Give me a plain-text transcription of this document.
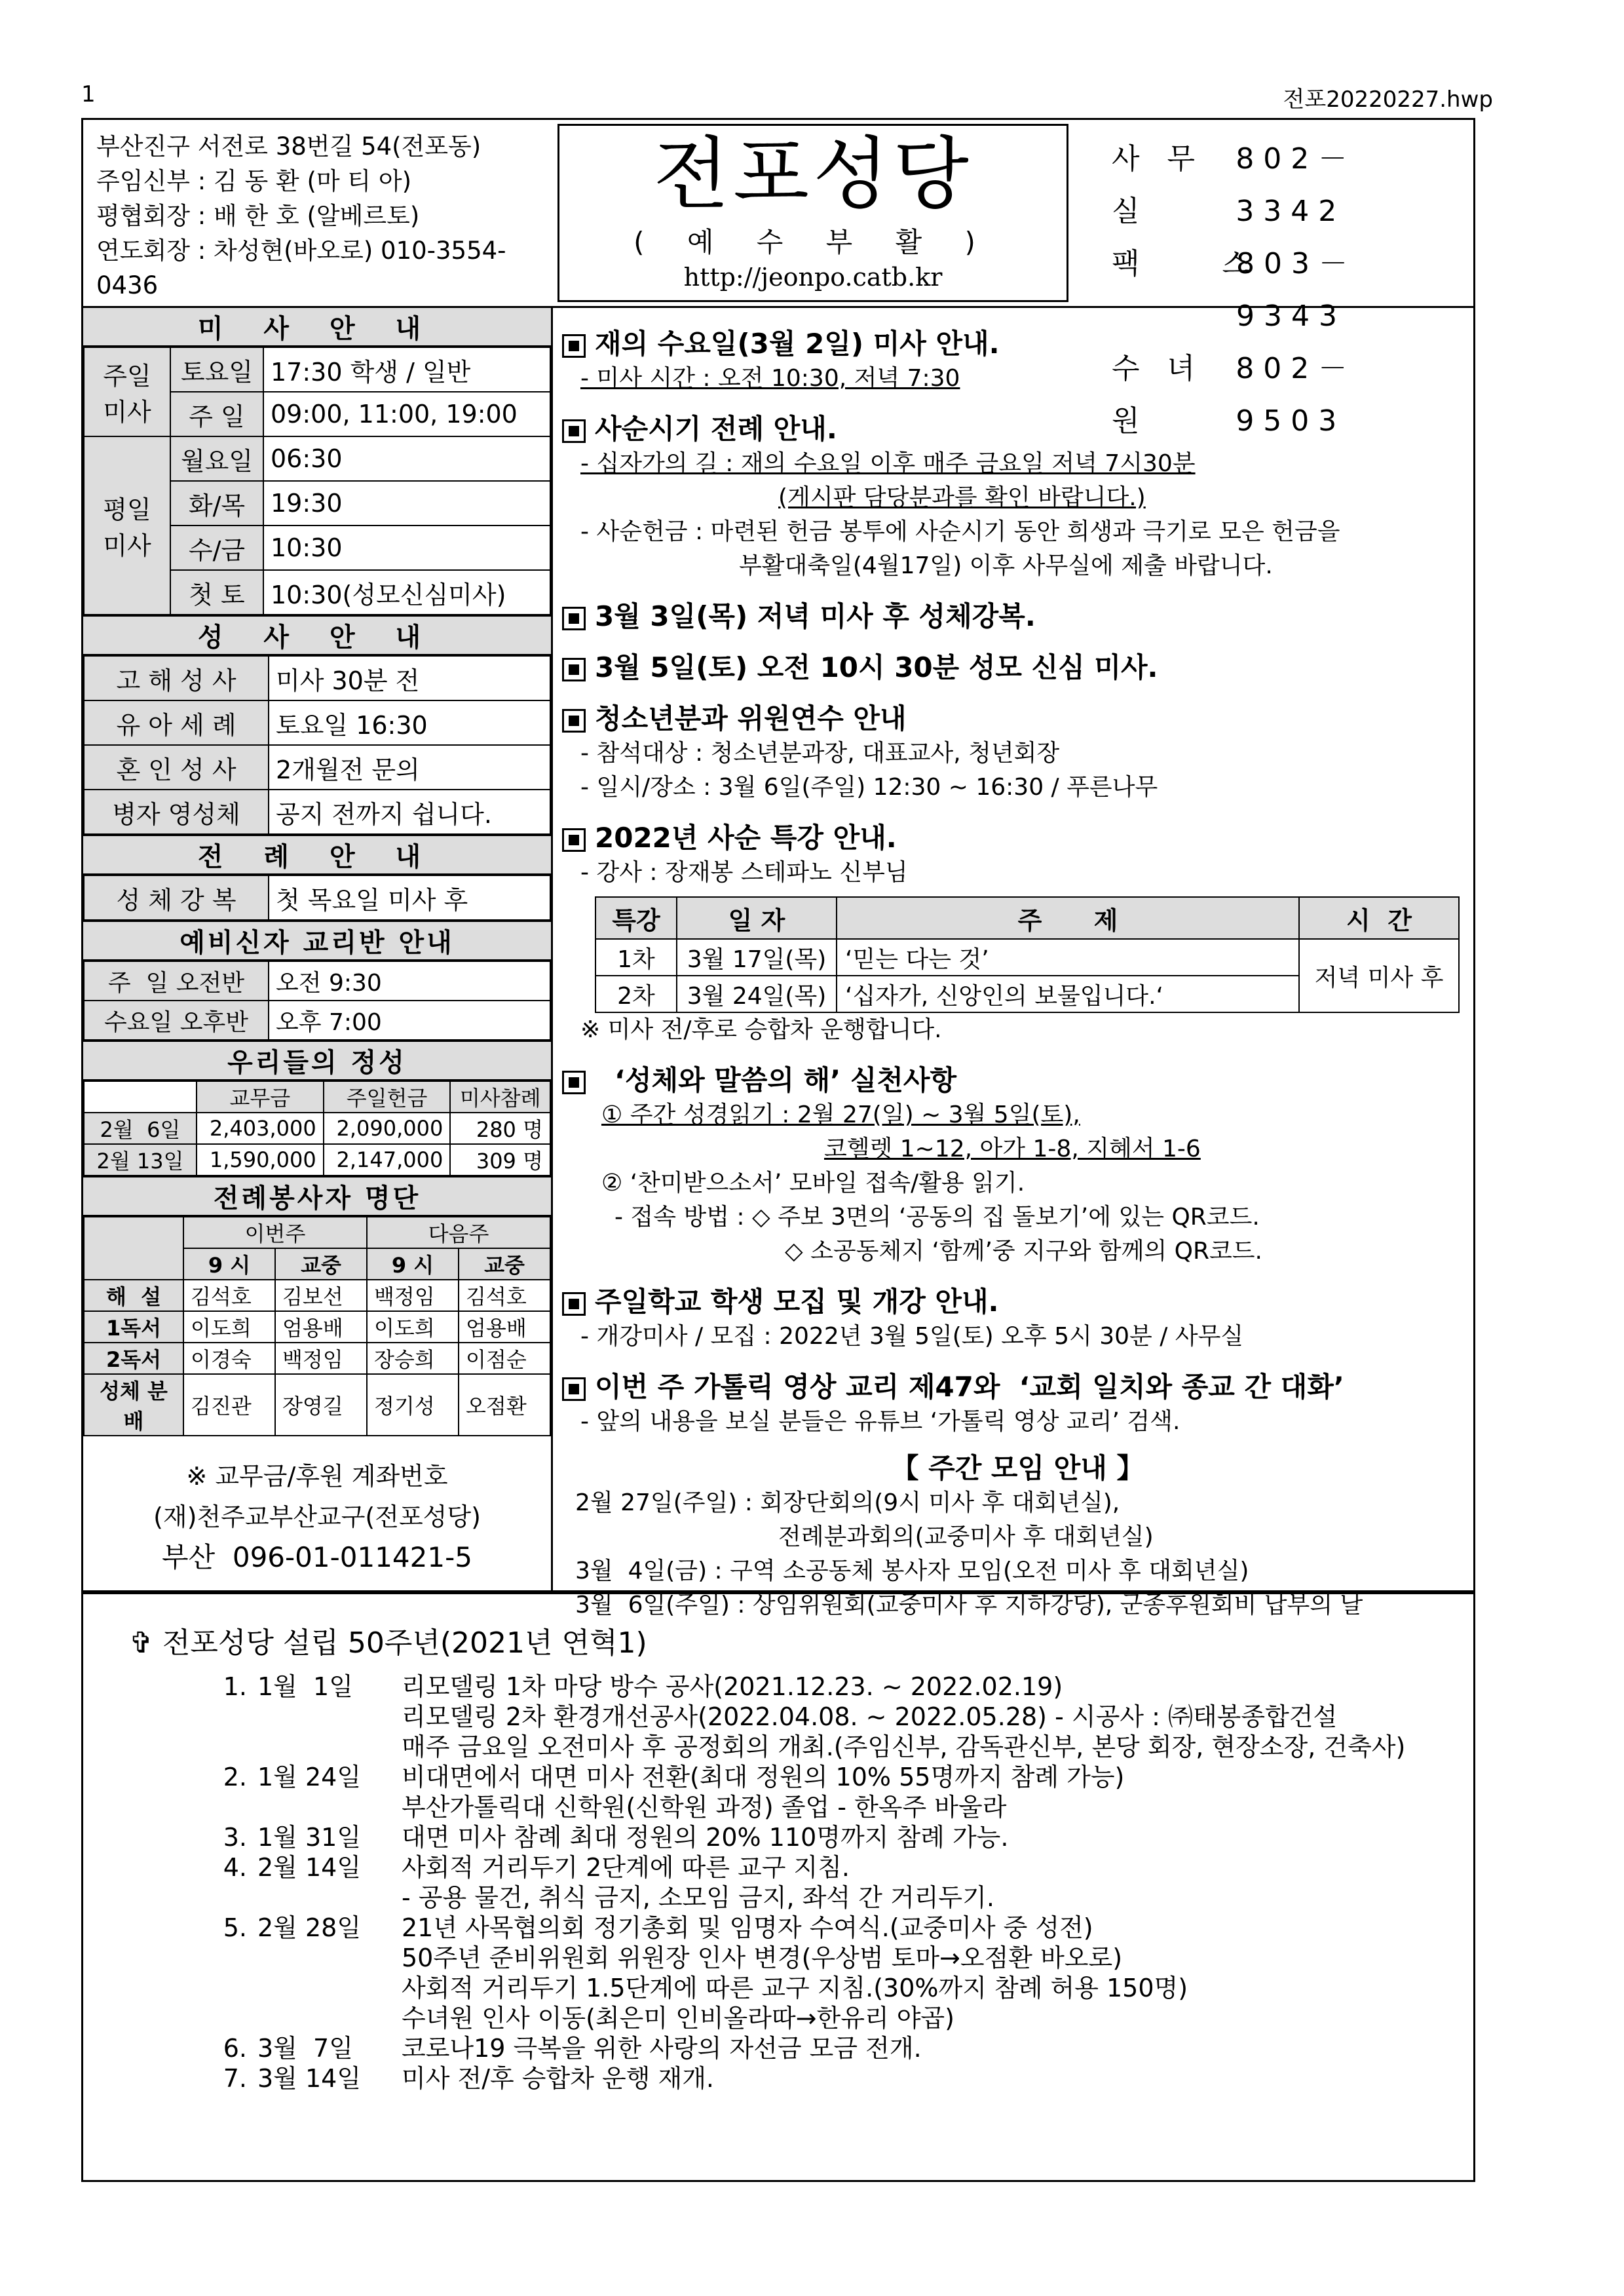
1	전포20220227.hwp
부산진구 서전로 38번길 54(전포동)
주임신부 : 김 동 환 (마 티 아)
평협회장 : 배 한 호 (알베르토)
연도회장 : 차성현(바오로) 010-3554-0436
전포성당
( 예 수 부 활 )
http://jeonpo.catb.kr
사 무 실
802－3342
팩    스
803－9343
수 녀 원
802－9503
미 사 안 내
주일 미사	토요일	17:30 학생 / 일반
	주 일	09:00, 11:00, 19:00
평일 미사	월요일	06:30
	화/목	19:30
	수/금	10:30
	첫 토	10:30(성모신심미사)
성 사 안 내
고 해 성 사	미사 30분 전
유 아 세 례	토요일 16:30
혼 인 성 사	2개월전 문의
병자 영성체	공지 전까지 쉽니다.
전 례 안 내
성 체 강 복	첫 목요일 미사 후
예비신자 교리반 안내
주  일 오전반	오전 9:30
수요일 오후반	오후 7:00
우리들의 정성
	교무금	주일헌금	미사참례
2월  6일	2,403,000	2,090,000	280 명
2월 13일	1,590,000	2,147,000	309 명
전례봉사자 명단
	이번주		다음주	
	9 시	교중	9 시	교중
해  설	김석호	김보선	백정임	김석호
1독서	이도희	엄용배	이도희	엄용배
2독서	이경숙	백정임	장승희	이점순
성체 분배	김진관	장영길	정기성	오점환
※ 교무금/후원 계좌번호
(재)천주교부산교구(전포성당)
부산  096-01-011421-5
재의 수요일(3월 2일) 미사 안내.
- 미사 시간 : 오전 10:30, 저녁 7:30
사순시기 전례 안내.
- 십자가의 길 : 재의 수요일 이후 매주 금요일 저녁 7시30분
(게시판 담당분과를 확인 바랍니다.)
- 사순헌금 : 마련된 헌금 봉투에 사순시기 동안 희생과 극기로 모은 헌금을
부활대축일(4월17일) 이후 사무실에 제출 바랍니다.
3월 3일(목) 저녁 미사 후 성체강복.
3월 5일(토) 오전 10시 30분 성모 신심 미사.
청소년분과 위원연수 안내
- 참석대상 : 청소년분과장, 대표교사, 청년회장
- 일시/장소 : 3월 6일(주일) 12:30 ~ 16:30 / 푸른나무
2022년 사순 특강 안내.
- 강사 : 장재봉 스테파노 신부님
특강	일 자	주      제	시  간
1차	3월 17일(목)	‘믿는 다는 것’	저녁 미사 후
2차	3월 24일(목)	‘십자가, 신앙인의 보물입니다.‘	
※ 미사 전/후로 승합차 운행합니다.
‘성체와 말씀의 해’ 실천사항
① 주간 성경읽기 : 2월 27(일) ~ 3월 5일(토),
코헬렛 1~12, 아가 1-8, 지혜서 1-6
② ‘찬미받으소서’ 모바일 접속/활용 읽기.
- 접속 방법 : ◇ 주보 3면의 ‘공동의 집 돌보기’에 있는 QR코드.
◇ 소공동체지 ‘함께’중 지구와 함께의 QR코드.
주일학교 학생 모집 및 개강 안내.
- 개강미사 / 모집 : 2022년 3월 5일(토) 오후 5시 30분 / 사무실
이번 주 가톨릭 영상 교리 제47와  ‘교회 일치와 종교 간 대화’
- 앞의 내용을 보실 분들은 유튜브 ‘가톨릭 영상 교리’ 검색.
【 주간 모임 안내 】
2월 27일(주일) : 회장단회의(9시 미사 후 대회년실),
전례분과회의(교중미사 후 대회년실)
3월  4일(금) : 구역 소공동체 봉사자 모임(오전 미사 후 대회년실)
3월  6일(주일) : 상임위원회(교중미사 후 지하강당), 군종후원회비 납부의 날
✞ 전포성당 설립 50주년(2021년 연혁1)
1. 1월  1일	리모델링 1차 마당 방수 공사(2021.12.23. ~ 2022.02.19)
리모델링 2차 환경개선공사(2022.04.08. ~ 2022.05.28) - 시공사 : ㈜태봉종합건설
매주 금요일 오전미사 후 공정회의 개최.(주임신부, 감독관신부, 본당 회장, 현장소장, 건축사)
2. 1월 24일	비대면에서 대면 미사 전환(최대 정원의 10% 55명까지 참례 가능)
부산가톨릭대 신학원(신학원 과정) 졸업 - 한옥주 바울라
3. 1월 31일	대면 미사 참례 최대 정원의 20% 110명까지 참례 가능.
4. 2월 14일	사회적 거리두기 2단계에 따른 교구 지침.
- 공용 물건, 취식 금지, 소모임 금지, 좌석 간 거리두기.
5. 2월 28일	21년 사목협의회 정기총회 및 임명자 수여식.(교중미사 중 성전)
50주년 준비위원회 위원장 인사 변경(우상범 토마→오점환 바오로)
사회적 거리두기 1.5단계에 따른 교구 지침.(30%까지 참례 허용 150명)
수녀원 인사 이동(최은미 인비올라따→한유리 야곱)
6. 3월  7일	코로나19 극복을 위한 사랑의 자선금 모금 전개.
7. 3월 14일	미사 전/후 승합차 운행 재개.
